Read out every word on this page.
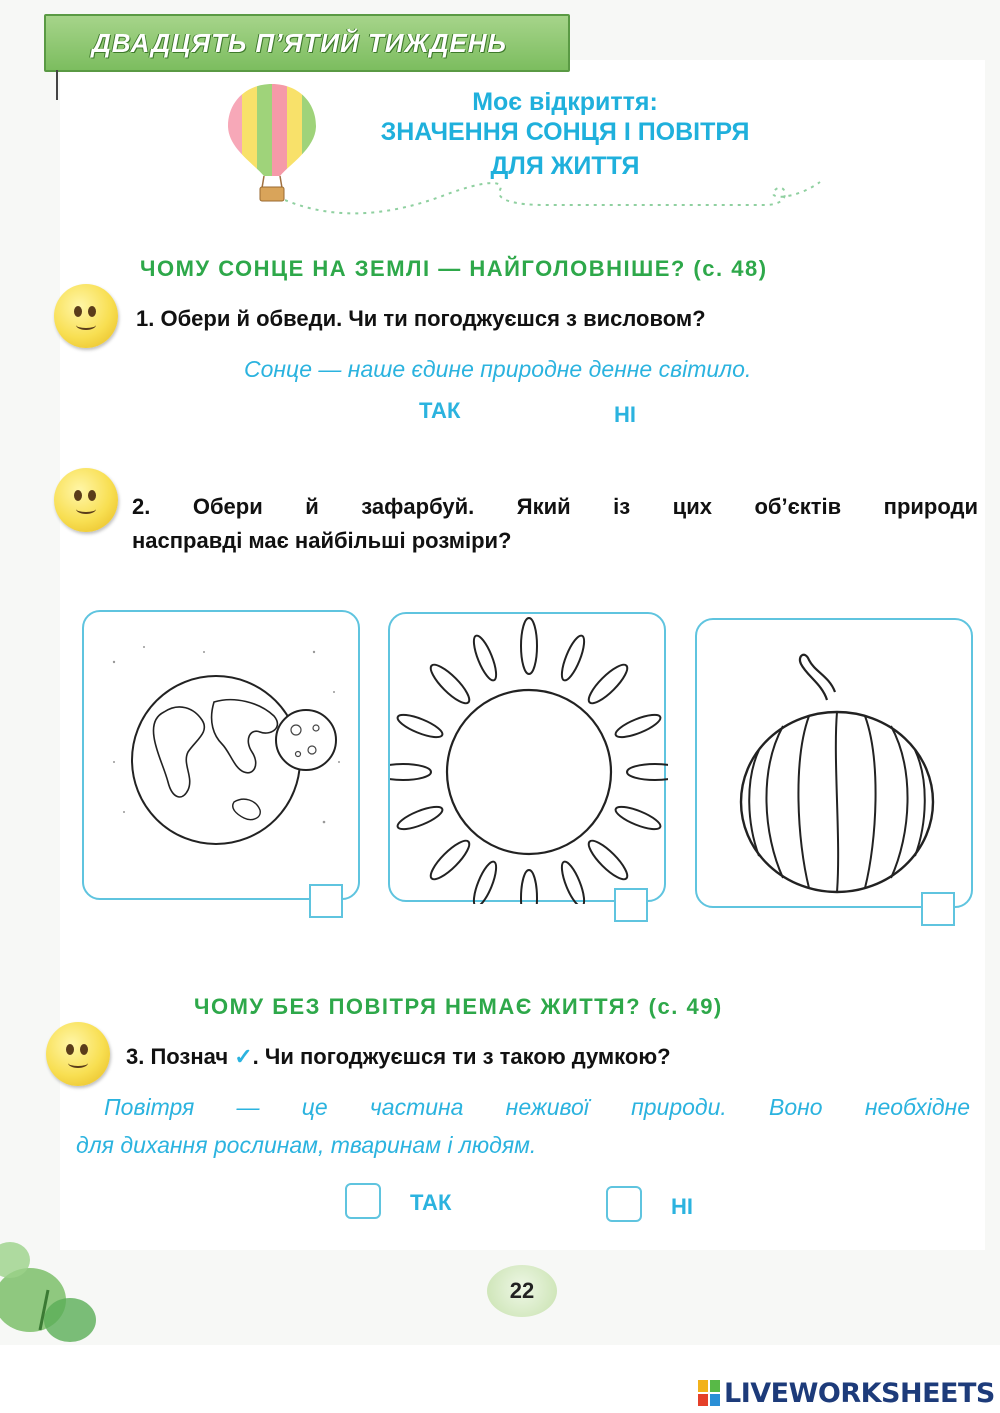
ДВАДЦЯТЬ П’ЯТИЙ ТИЖДЕНЬ
Моє відкриття:
ЗНАЧЕННЯ СОНЦЯ І ПОВІТРЯ
ДЛЯ ЖИТТЯ
ЧОМУ СОНЦЕ НА ЗЕМЛІ — НАЙГОЛОВНІШЕ? (с. 48)
1. Обери й обведи. Чи ти погоджуєшся з висловом?
Сонце — наше єдине природне денне світило.
ТАК	НІ
2. Обери й зафарбуй. Який із цих об’єктів природи
насправді має найбільші розміри?
ЧОМУ БЕЗ ПОВІТРЯ НЕМАЄ ЖИТТЯ? (с. 49)
3. Познач ✓. Чи погоджуєшся ти з такою думкою?
Повітря — це частина неживої природи. Воно необхідне
для дихання рослинам, тваринам і людям.
ТАК	НІ
22
LIVEWORKSHEETS
